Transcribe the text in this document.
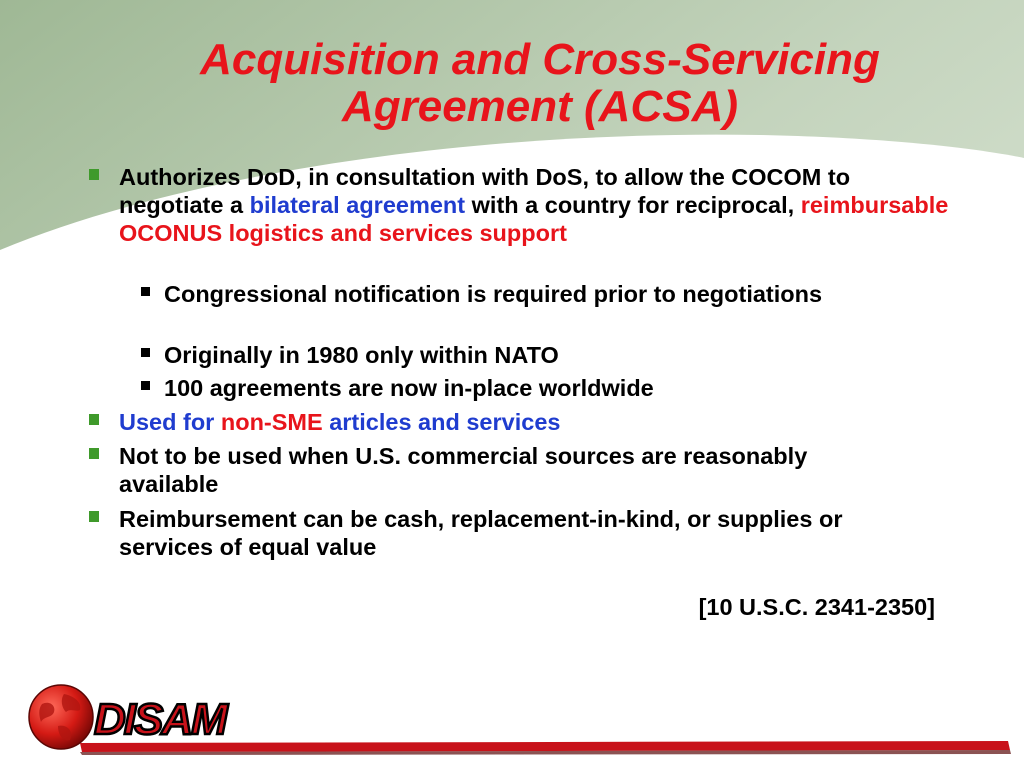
Acquisition and Cross-Servicing
Agreement (ACSA)
Authorizes DoD, in consultation with DoS, to allow the COCOM to negotiate a bilateral agreement with a country for reciprocal, reimbursable OCONUS logistics and services support
Congressional notification is required prior to negotiations
Originally in 1980 only within NATO
100 agreements are now in-place worldwide
Used for non-SME articles and services
Not to be used when U.S. commercial sources are reasonably available
Reimbursement can be cash, replacement-in-kind, or supplies or services of equal value
[10 U.S.C. 2341-2350]
DISAM
